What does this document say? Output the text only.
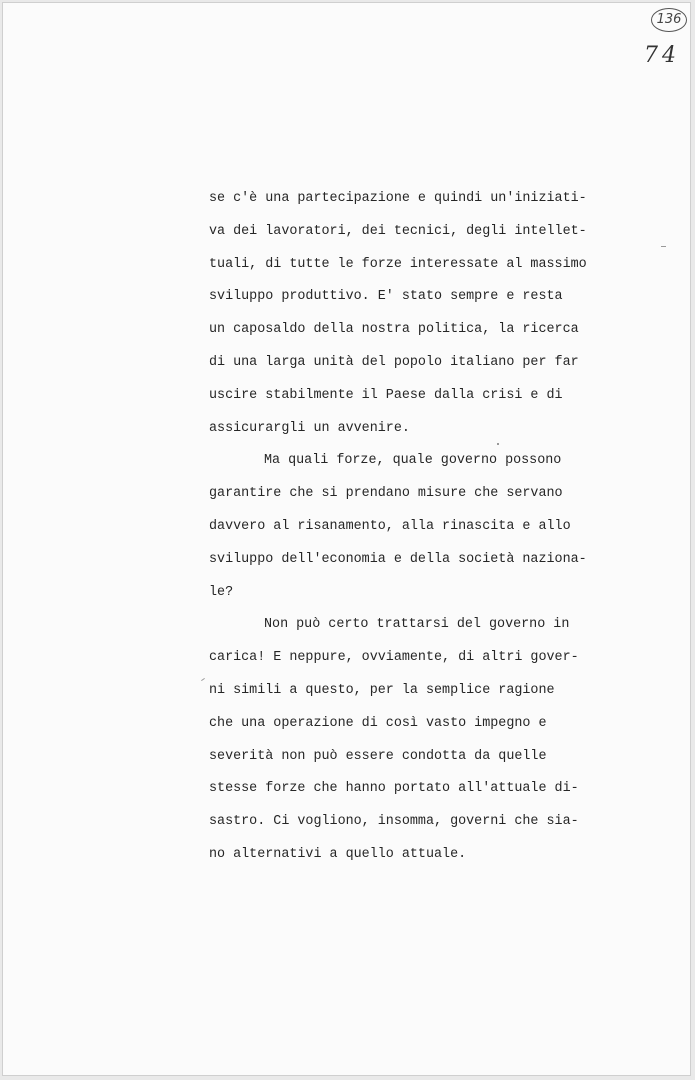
136
74
se c'è una partecipazione e quindi un'iniziati-
va dei lavoratori, dei tecnici, degli intellet-
tuali, di tutte le forze interessate al massimo
sviluppo produttivo. E' stato sempre e resta
un caposaldo della nostra politica, la ricerca
di una larga unità del popolo italiano per far
uscire stabilmente il Paese dalla crisi e di
assicurargli un avvenire.
Ma quali forze, quale governo possono
garantire che si prendano misure che servano
davvero al risanamento, alla rinascita e allo
sviluppo dell'economia e della società naziona-
le?
Non può certo trattarsi del governo in
carica! E neppure, ovviamente, di altri gover-
ni simili a questo, per la semplice ragione
che una operazione di così vasto impegno e
severità non può essere condotta da quelle
stesse forze che hanno portato all'attuale di-
sastro. Ci vogliono, insomma, governi che sia-
no alternativi a quello attuale.
